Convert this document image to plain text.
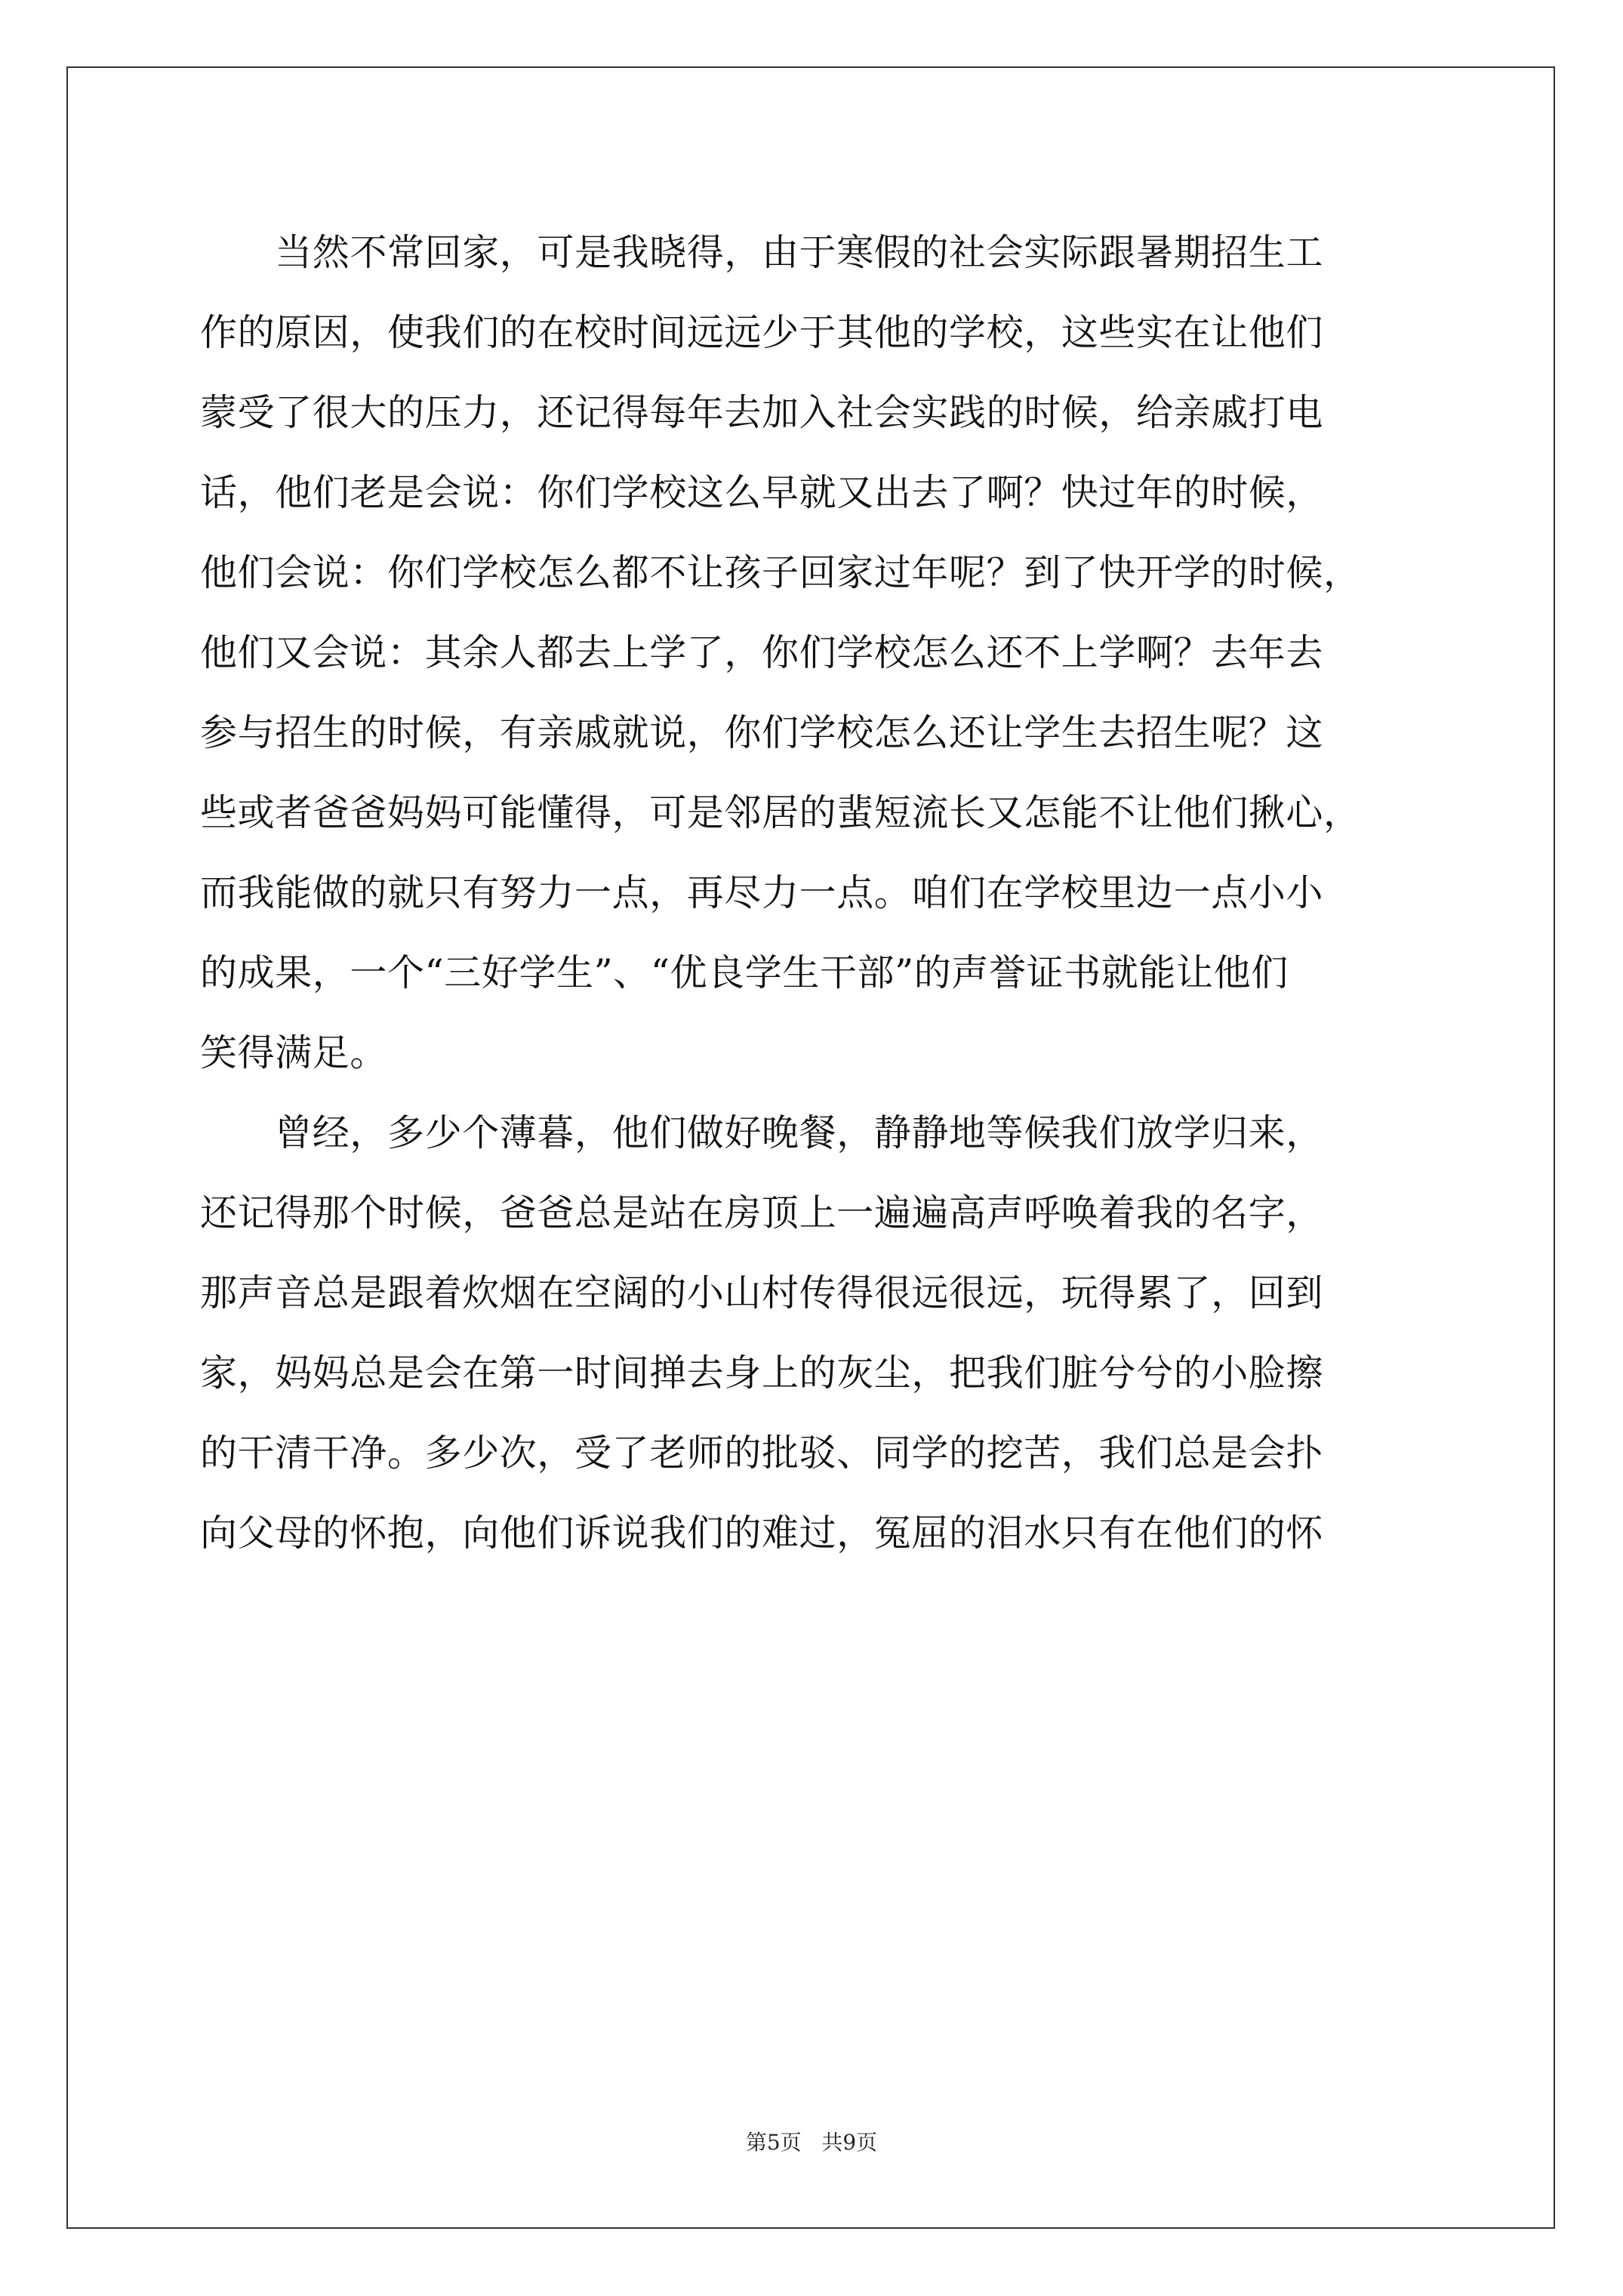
　　当然不常回家，可是我晓得，由于寒假的社会实际跟暑期招生工
作的原因，使我们的在校时间远远少于其他的学校，这些实在让他们
蒙受了很大的压力，还记得每年去加入社会实践的时候，给亲戚打电
话，他们老是会说：你们学校这么早就又出去了啊？快过年的时候，
他们会说：你们学校怎么都不让孩子回家过年呢？到了快开学的时候，
他们又会说：其余人都去上学了，你们学校怎么还不上学啊？去年去
参与招生的时候，有亲戚就说，你们学校怎么还让学生去招生呢？这
些或者爸爸妈妈可能懂得，可是邻居的蜚短流长又怎能不让他们揪心，
而我能做的就只有努力一点，再尽力一点。咱们在学校里边一点小小
的成果，一个“三好学生”、“优良学生干部”的声誉证书就能让他们
笑得满足。
　　曾经，多少个薄暮，他们做好晚餐，静静地等候我们放学归来，
还记得那个时候，爸爸总是站在房顶上一遍遍高声呼唤着我的名字，
那声音总是跟着炊烟在空阔的小山村传得很远很远，玩得累了，回到
家，妈妈总是会在第一时间掸去身上的灰尘，把我们脏兮兮的小脸擦
的干清干净。多少次，受了老师的批驳、同学的挖苦，我们总是会扑
向父母的怀抱，向他们诉说我们的难过，冤屈的泪水只有在他们的怀
第5页 共9页
